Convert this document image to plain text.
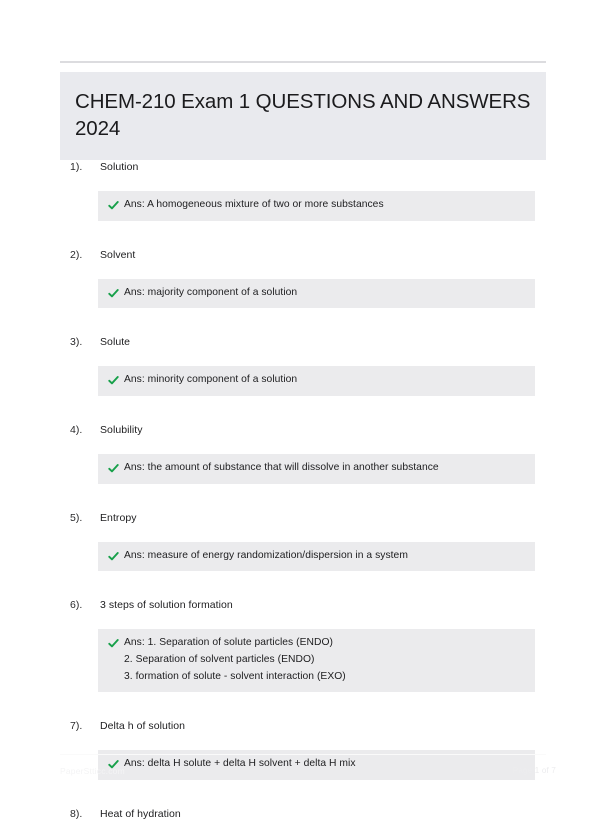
CHEM-210 Exam 1 QUESTIONS AND ANSWERS 2024
1).	Solution
Ans: A homogeneous mixture of two or more substances
2).	Solvent
Ans: majority component of a solution
3).	Solute
Ans: minority component of a solution
4).	Solubility
Ans: the amount of substance that will dissolve in another substance
5).	Entropy
Ans: measure of energy randomization/dispersion in a system
6).	3 steps of solution formation
Ans: 1. Separation of solute particles (ENDO)
2. Separation of solvent particles (ENDO)
3. formation of solute - solvent interaction (EXO)
7).	Delta h of solution
Ans: delta H solute + delta H solvent + delta H mix
8).	Heat of hydration
PaperStticc.com	Page 1 of 7
